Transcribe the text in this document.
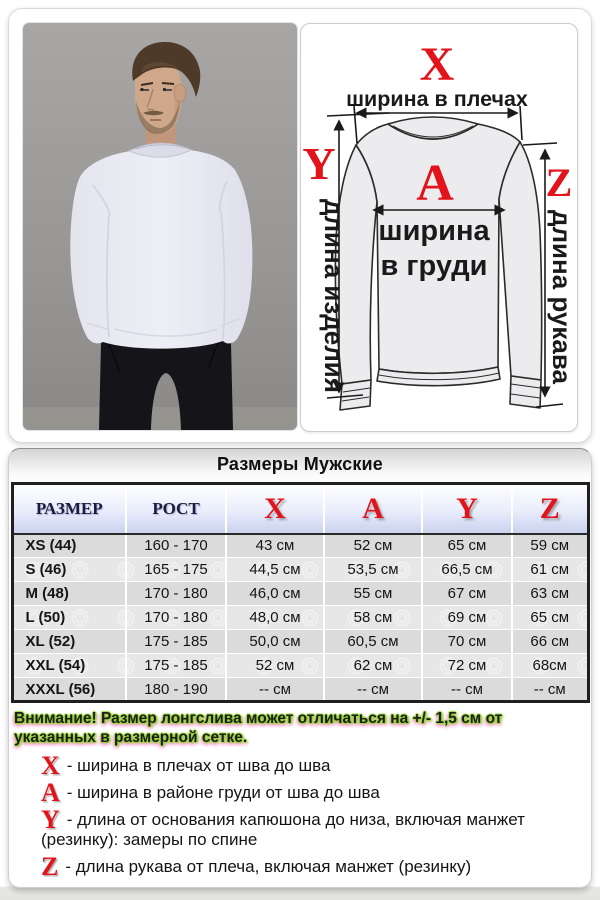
X
ширина в плечах
Y
длина изделия
A
ширина
в груди
Z
длина рукава
Размеры Мужские
РАЗМЕР	РОСТ	X	A	Y	Z
XS (44)	160 - 170	43 см	52 см	65 см	59 см
S (46)	165 - 175	44,5 см	53,5 см	66,5 см	61 см
M (48)	170 - 180	46,0 см	55 см	67 см	63 см
L (50)	170 - 180	48,0 см	58 см	69 см	65 см
XL (52)	175 - 185	50,0 см	60,5 см	70 см	66 см
XXL (54)	175 - 185	52 см	62 см	72 см	68см
XXXL (56)	180 - 190	-- см	-- см	-- см	-- см

Внимание! Размер лонгслива может отличаться на +/- 1,5 см от указанных в размерной сетке.

X - ширина в плечах от шва до шва
A - ширина в районе груди от шва до шва
Y - длина от основания капюшона до низа, включая манжет (резинку): замеры по спине
Z - длина рукава от плеча, включая манжет (резинку)
